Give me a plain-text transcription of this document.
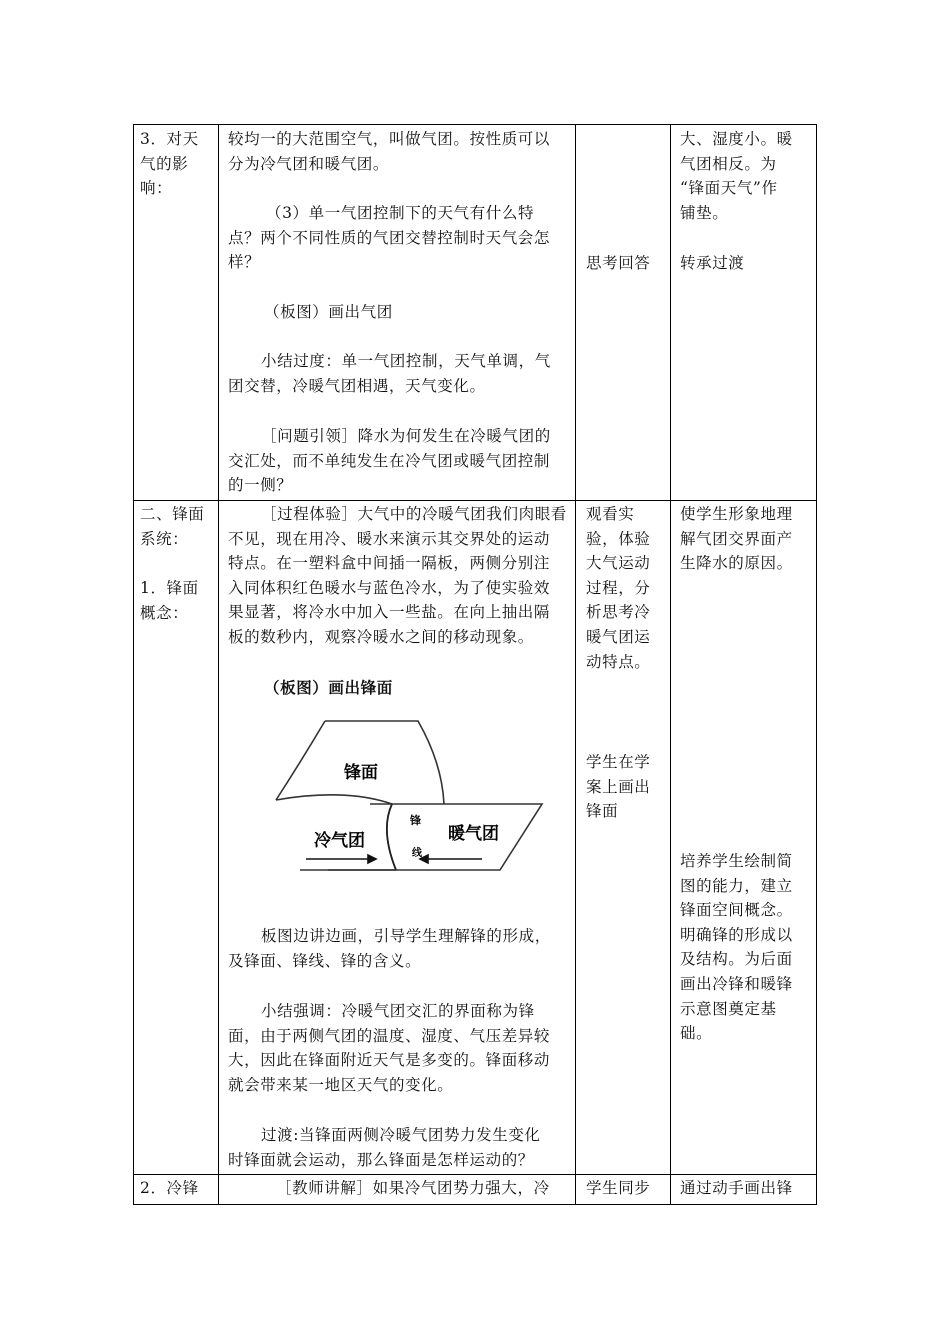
3．对天
气的影
响：
较均一的大范围空气，叫做气团。按性质可以
分为冷气团和暖气团。
（3）单一气团控制下的天气有什么特
点？两个不同性质的气团交替控制时天气会怎
样？
（板图）画出气团
小结过度：单一气团控制，天气单调，气
团交替，冷暖气团相遇，天气变化。
［问题引领］降水为何发生在冷暖气团的
交汇处，而不单纯发生在冷气团或暖气团控制
的一侧？
思考回答
大、湿度小。暖
气团相反。为
“锋面天气”作
铺垫。
转承过渡
二、锋面
系统：
1．锋面
概念：
［过程体验］大气中的冷暖气团我们肉眼看
不见，现在用冷、暖水来演示其交界处的运动
特点。在一塑料盒中间插一隔板，两侧分别注
入同体积红色暖水与蓝色冷水，为了使实验效
果显著，将冷水中加入一些盐。在向上抽出隔
板的数秒内，观察冷暖水之间的移动现象。
（板图）画出锋面
锋面
冷气团	暖气团
锋
线
板图边讲边画，引导学生理解锋的形成，
及锋面、锋线、锋的含义。
小结强调：冷暖气团交汇的界面称为锋
面，由于两侧气团的温度、湿度、气压差异较
大，因此在锋面附近天气是多变的。锋面移动
就会带来某一地区天气的变化。
过渡:当锋面两侧冷暖气团势力发生变化
时锋面就会运动，那么锋面是怎样运动的？
观看实
验，体验
大气运动
过程，分
析思考冷
暖气团运
动特点。
学生在学
案上画出
锋面
使学生形象地理
解气团交界面产
生降水的原因。
培养学生绘制简
图的能力，建立
锋面空间概念。
明确锋的形成以
及结构。为后面
画出冷锋和暖锋
示意图奠定基
础。
2．冷锋	［教师讲解］如果冷气团势力强大，冷 学生同步 通过动手画出锋
